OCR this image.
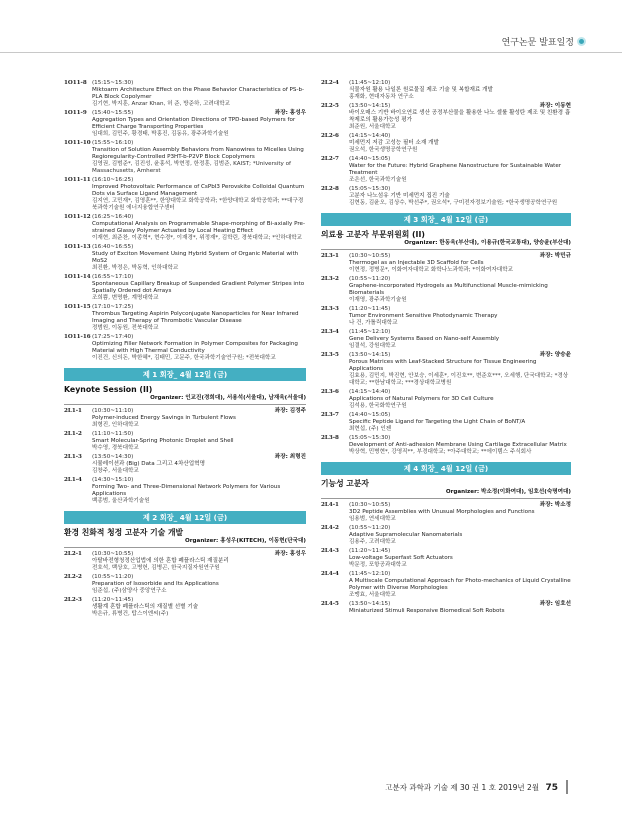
연구논문 발표일정
1O11-8 (15:15~15:30)
Miktoarm Architecture Effect on the Phase Behavior Characteristics of PS-b-PLA Block Copolymer
김기현, 박지훈, Anzar Khan, 허 준, 방준하, 고려대학교
1O11-9	좌장: 홍성우
(15:40~15:55)
Aggregation Types and Orientation Directions of TPD-based Polymers for Efficient Charge Transporting Properties
임대희, 김민주, 황경태, 박홍진, 김동유, 광주과학기술원
1O11-10 (15:55~16:10)
Transition of Solution Assembly Behaviors from Nanowires to Micelles Using Regioregularity-Controlled P3HT-b-P2VP Block Copolymers
김영권, 김범준*, 김진성, 윤홍석, 박현정, 한정훈, 김범준, KAIST; *University of Massachusetts, Amherst
1O11-11 (16:10~16:25)
Improved Photovoltaic Performance of CsPbI3 Perovskite Colloidal Quantum Dots via Surface Ligand Management
김지연, 고민재*, 김영훈**, 한양대학교 화학공학과; *한양대학교 화학공학과; **대구경북과학기술원 에너지융합연구센터
1O11-12 (16:25~16:40)
Computational Analysis on Programmable Shape-morphing of Bi-axially Pre-strained Glassy Polymer Actuated by Local Heating Effect
이재현, 최준찬, 이종혁*, 현수경*, 이재경*, 위정재*, 김학린, 경북대학교; *인하대학교
1O11-13 (16:40~16:55)
Study of Exciton Movement Using Hybrid System of Organic Material with MoS2
최진환, 박정은, 박동혁, 인하대학교
1O11-14 (16:55~17:10)
Spontaneous Capillary Breakup of Suspended Gradient Polymer Stripes into Spatially Ordered dot Arrays
조희쁨, 변명환, 계명대학교
1O11-15 (17:10~17:25)
Thrombus Targeting Aspirin Polyconjugate Nanoparticles for Near Infrared Imaging and Therapy of Thrombotic Vascular Disease
정범원, 이동원, 전북대학교
1O11-16 (17:25~17:40)
Optimizing Filler Network Formation in Polymer Composites for Packaging Material with High Thermal Conductivity
이진건, 신의돈, 박한혜*, 김태민, 고문주, 한국과학기술연구원; *전북대학교
제 1 회장_ 4월 12일 (금)
Keynote Session (II)
Organizer: 인교진(경희대), 서용석(서울대), 남재욱(서울대)
2L1-1	좌장: 김정주
(10:30~11:10)
Polymer-induced Energy Savings in Turbulent Flows
최형진, 인하대학교
2L1-2 (11:10~11:50)
Smart Molecular-Spring Photonic Droplet and Shell
박수영, 경북대학교
2L1-3	좌장: 최형진
(13:50~14:30)
시뮬레이션과 (Big) Data 그리고 4차산업혁명
김창주, 서울대학교
2L1-4 (14:30~15:10)
Forming Two- and Three-Dimensional Network Polymers for Various Applications
백종범, 울산과학기술원
제 2 회장_ 4월 12일 (금)
환경 친화적 청정 고분자 기술 개발
Organizer: 홍성우(KITECH), 이동현(단국대)
2L2-1	좌장: 홍성우
(10:30~10:55)
아탈바전형청정산업법에 의한 혼합 폐플라스틱 재질분리
전호석, 백상호, 고병헌, 김병곤, 한국지질자원연구원
2L2-2 (10:55~11:20)
Preparation of Isosorbide and Its Applications
임준섭, (주)삼양사 중앙연구소
2L2-3 (11:20~11:45)
생활계 혼합 폐플라스틱의 재질별 선별 기술
박은규, 류병건, 탑스이엔씨(주)
2L2-4 (11:45~12:10)
식물자원 활용 나일론 원료물질 제조 기술 및 복합재료 개발
홍재화, 현대자동차 연구소
2L2-5	좌장: 이동현
(13:50~14:15)
바이오매스 기반 바이오연료 생산 공정부산물을 활용한 나노 셀룰 활성탄 제조 및 친환경 흡착제로의 활용가능성 평가
최준원, 서울대학교
2L2-6 (14:15~14:40)
미세먼지 저감 고성능 필터 소재 개발
권오석, 한국생명공학연구원
2L2-7 (14:40~15:05)
Water for the Future: Hybrid Graphene Nanostructure for Sustainable Water Treatment
조은선, 한국과학기술원
2L2-8 (15:05~15:30)
고분자 나노섬유 기반 미세먼지 집진 기술
김현동, 김윤오, 김상수, 박선주*, 권오석*, 구미전자정보기술원; *한국생명공학연구원
제 3 회장_ 4월 12일 (금)
의료용 고분자 부문위원회 (II)
Organizer: 한동욱(부산대), 이용규(한국교통대), 양승윤(부산대)
2L3-1	좌장: 박민규
(10:30~10:55)
Thermogel as an Injectable 3D Scaffold for Cells
이현정, 정병문*, 이화여자대학교 화학나노과학과; *이화여자대학교
2L3-2 (10:55~11:20)
Graphene-incorporated Hydrogels as Multifunctional Muscle-mimicking Biomaterials
이재영, 광주과학기술원
2L3-3 (11:20~11:45)
Tumor Environment Sensitive Photodynamic Therapy
나 건, 가톨릭대학교
2L3-4 (11:45~12:10)
Gene Delivery Systems Based on Nano-self Assembly
임결석, 강원대학교
2L3-5	좌장: 양승윤
(13:50~14:15)
Porous Matrices with Leaf-Stacked Structure for Tissue Engineering Applications
김효용, 김민지, 박진현, 안보승, 이세훈*, 이진호**, 변준호***, 오세행, 단국대학교; *경상대학교; **한남대학교; ***경상대학교병원
2L3-6 (14:15~14:40)
Applications of Natural Polymers for 3D Cell Culture
김석용, 한국화학연구원
2L3-7 (14:40~15:05)
Specific Peptide Ligand for Targeting the Light Chain of BoNT/A
최현섭, (주) 인젠
2L3-8 (15:05~15:30)
Development of Anti-adhesion Membrane Using Cartilage Extracellular Matrix
박상혁, 민병현*, 강영직**, 부경대학교; *아주대학교; **에이템스 주식회사
제 4 회장_ 4월 12일 (금)
기능성 고분자
Organizer: 박소정(이화여대), 임호선(숙명여대)
2L4-1	좌장: 박소정
(10:30~10:55)
3D2 Peptide Assemblies with Unusual Morphologies and Functions
임용범, 연세대학교
2L4-2 (10:55~11:20)
Adaptive Supramolecular Nanomaterials
김용주, 고려대학교
2L4-3 (11:20~11:45)
Low-voltage Superfast Soft Actuators
박문정, 포항공과대학교
2L4-4 (11:45~12:10)
A Multiscale Computational Approach for Photo-mechanics of Liquid Crystalline Polymer with Diverse Morphologies
조맹효, 서울대학교
2L4-5	좌장: 임호선
(13:50~14:15)
Miniaturized Stimuli Responsive Biomedical Soft Robots
고분자 과학과 기술 제 30 권 1 호 2019년 2월 75
